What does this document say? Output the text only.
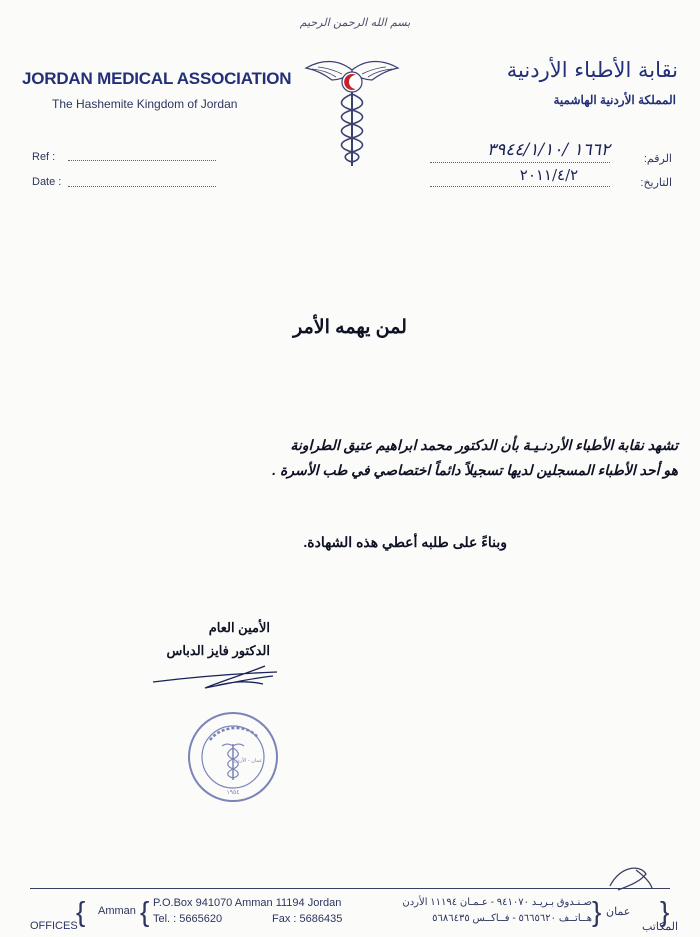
بسم الله الرحمن الرحيم
JORDAN MEDICAL ASSOCIATION
The Hashemite Kingdom of Jordan
نقابة الأطباء الأردنية
المملكة الأردنية الهاشمية
Ref :
Date :
الرقم:
التاريخ:
١٦٦٢ /٣٩٤٤/١/١٠
٢٠١١/٤/٢
لمن يهمه الأمر
تشهد نقابة الأطباء الأردنـيـة بأن الدكتور محمد ابراهيم عتيق الطراونة
هو أحد الأطباء المسجلين لديها تسجيلاً دائماً اختصاصي في طب الأسرة .
وبناءً على طلبه أعطي هذه الشهادة.
الأمين العام
الدكتور فايز الدباس
عمان - الأردن
١٩٥٤
OFFICES
{ Amman { P.O.Box 941070 Amman 11194 Jordan
Tel. : 5665620	Fax : 5686435
صـنـدوق بـريـد ٩٤١٠٧٠ - عـمـان ١١١٩٤ الأردن
هــاتــف ٥٦٦٥٦٢٠ - فــاكــس ٥٦٨٦٤٣٥ } عمان }
المكاتب
